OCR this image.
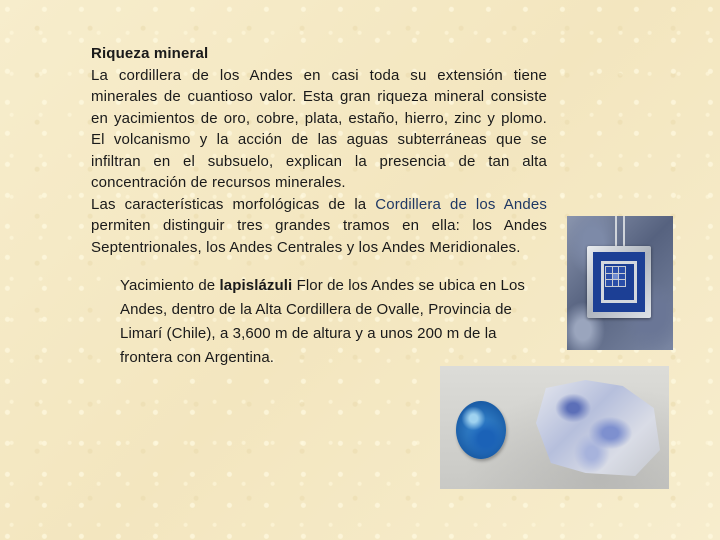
Riqueza mineral

La cordillera de los Andes en casi toda su extensión tiene minerales de cuantioso valor. Esta gran riqueza mineral consiste en yacimientos de oro, cobre, plata, estaño, hierro, zinc y plomo. El volcanismo y la acción de las aguas subterráneas que se infiltran en el subsuelo, explican la presencia de tan alta concentración de recursos minerales.

Las características morfológicas de la Cordillera de los Andes permiten distinguir tres grandes tramos en ella: los Andes Septentrionales, los Andes Centrales y los Andes Meridionales.

Yacimiento de lapislázuli Flor de los Andes se ubica en Los Andes, dentro de la Alta Cordillera de Ovalle, Provincia de Limarí (Chile), a 3,600 m de altura y a unos 200 m de la frontera con Argentina.
